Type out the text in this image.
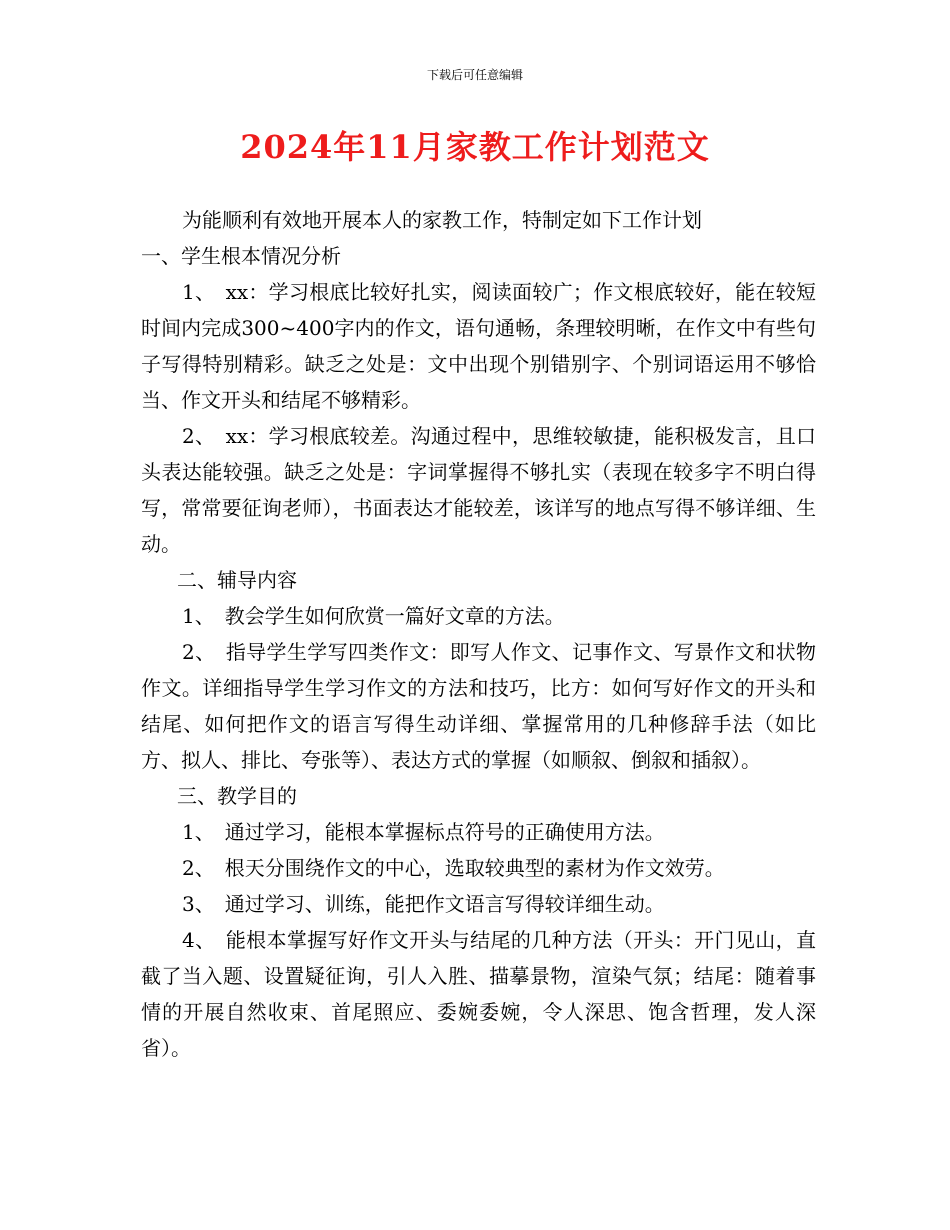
下载后可任意编辑
2024年11月家教工作计划范文

为能顺利有效地开展本人的家教工作，特制定如下工作计划

一、学生根本情况分析

1、　xx：学习根底比较好扎实，阅读面较广；作文根底较好，能在较短时间内完成300~400字内的作文，语句通畅，条理较明晰，在作文中有些句子写得特别精彩。缺乏之处是：文中出现个别错别字、个别词语运用不够恰当、作文开头和结尾不够精彩。

2、　xx：学习根底较差。沟通过程中，思维较敏捷，能积极发言，且口头表达能较强。缺乏之处是：字词掌握得不够扎实（表现在较多字不明白得写，常常要征询老师），书面表达才能较差，该详写的地点写得不够详细、生动。

二、辅导内容

1、　教会学生如何欣赏一篇好文章的方法。

2、　指导学生学写四类作文：即写人作文、记事作文、写景作文和状物作文。详细指导学生学习作文的方法和技巧，比方：如何写好作文的开头和结尾、如何把作文的语言写得生动详细、掌握常用的几种修辞手法（如比方、拟人、排比、夸张等）、表达方式的掌握（如顺叙、倒叙和插叙）。

三、教学目的

1、　通过学习，能根本掌握标点符号的正确使用方法。

2、　根天分围绕作文的中心，选取较典型的素材为作文效劳。

3、　通过学习、训练，能把作文语言写得较详细生动。

4、　能根本掌握写好作文开头与结尾的几种方法（开头：开门见山，直截了当入题、设置疑征询，引人入胜、描摹景物，渲染气氛；结尾：随着事情的开展自然收束、首尾照应、委婉委婉，令人深思、饱含哲理，发人深省）。
